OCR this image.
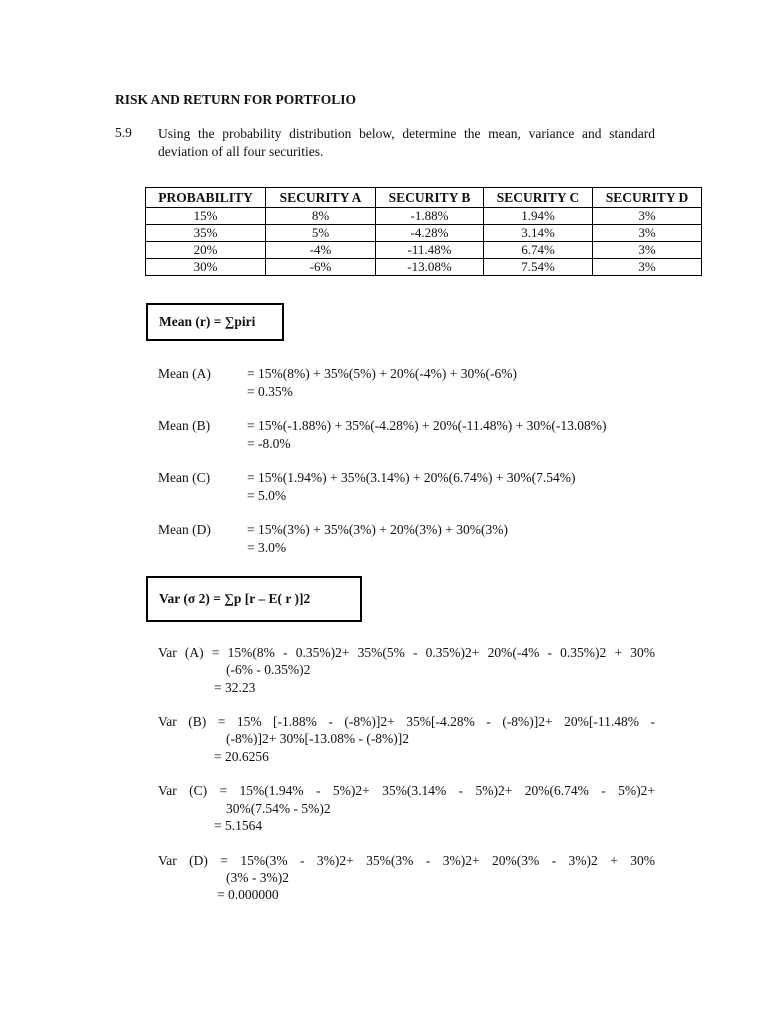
RISK AND RETURN FOR PORTFOLIO
5.9 Using the probability distribution below, determine the mean, variance and standard deviation of all four securities.
PROBABILITY	SECURITY A	SECURITY B	SECURITY C	SECURITY D
15%	8%	-1.88%	1.94%	3%
35%	5%	-4.28%	3.14%	3%
20%	-4%	-11.48%	6.74%	3%
30%	-6%	-13.08%	7.54%	3%
Mean (r) = ∑piri
Mean (A)	= 15%(8%) + 35%(5%) + 20%(-4%) + 30%(-6%)
= 0.35%
Mean (B)	= 15%(-1.88%) + 35%(-4.28%) + 20%(-11.48%) + 30%(-13.08%)
= -8.0%
Mean (C)	= 15%(1.94%) + 35%(3.14%) + 20%(6.74%) + 30%(7.54%)
= 5.0%
Mean (D)	= 15%(3%) + 35%(3%) + 20%(3%) + 30%(3%)
= 3.0%
Var (σ 2) = ∑p [r – E( r )]2
Var (A) = 15%(8% - 0.35%)2+ 35%(5% - 0.35%)2+ 20%(-4% - 0.35%)2 + 30%
(-6% - 0.35%)2
= 32.23
Var (B) = 15% [-1.88% - (-8%)]2+ 35%[-4.28% - (-8%)]2+ 20%[-11.48% -
(-8%)]2+ 30%[-13.08% - (-8%)]2
= 20.6256
Var (C) = 15%(1.94% - 5%)2+ 35%(3.14% - 5%)2+ 20%(6.74% - 5%)2+
30%(7.54% - 5%)2
= 5.1564
Var (D) = 15%(3% - 3%)2+ 35%(3% - 3%)2+ 20%(3% - 3%)2 + 30%
(3% - 3%)2
= 0.000000
